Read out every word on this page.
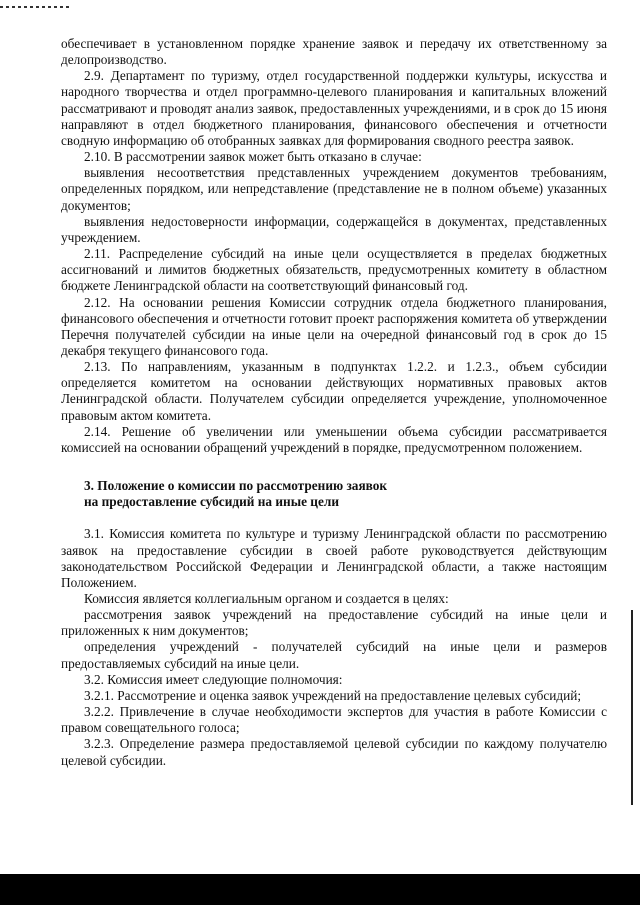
обеспечивает в установленном порядке хранение заявок и передачу их ответственному за делопроизводство.

2.9. Департамент по туризму, отдел государственной поддержки культуры, искусства и народного творчества и отдел программно-целевого планирования и капитальных вложений рассматривают и проводят анализ заявок, предоставленных учреждениями, и в срок до 15 июня направляют в отдел бюджетного планирования, финансового обеспечения и отчетности сводную информацию об отобранных заявках для формирования сводного реестра заявок.

2.10. В рассмотрении заявок может быть отказано в случае:

выявления несоответствия представленных учреждением документов требованиям, определенных порядком, или непредставление (представление не в полном объеме) указанных документов;

выявления недостоверности информации, содержащейся в документах, представленных учреждением.

2.11. Распределение субсидий на иные цели осуществляется в пределах бюджетных ассигнований и лимитов бюджетных обязательств, предусмотренных комитету в областном бюджете Ленинградской области на соответствующий финансовый год.

2.12. На основании решения Комиссии сотрудник отдела бюджетного планирования, финансового обеспечения и отчетности готовит проект распоряжения комитета об утверждении Перечня получателей субсидии на иные цели на очередной финансовый год в срок до 15 декабря текущего финансового года.

2.13. По направлениям, указанным в подпунктах 1.2.2. и 1.2.3., объем субсидии определяется комитетом на основании действующих нормативных правовых актов Ленинградской области. Получателем субсидии определяется учреждение, уполномоченное правовым актом комитета.

2.14. Решение об увеличении или уменьшении объема субсидии рассматривается комиссией на основании обращений учреждений в порядке, предусмотренном положением.

3. Положение о комиссии по рассмотрению заявок

на предоставление субсидий на иные цели

3.1. Комиссия комитета по культуре и туризму Ленинградской области по рассмотрению заявок на предоставление субсидии в своей работе руководствуется действующим законодательством Российской Федерации и Ленинградской области, а также настоящим Положением.

Комиссия является коллегиальным органом и создается в целях:

рассмотрения заявок учреждений на предоставление субсидий на иные цели и приложенных к ним документов;

определения учреждений - получателей субсидий на иные цели и размеров предоставляемых субсидий на иные цели.

3.2. Комиссия имеет следующие полномочия:

3.2.1. Рассмотрение и оценка заявок учреждений на предоставление целевых субсидий;

3.2.2. Привлечение в случае необходимости экспертов для участия в работе Комиссии с правом совещательного голоса;

3.2.3. Определение размера предоставляемой целевой субсидии по каждому получателю целевой субсидии.
